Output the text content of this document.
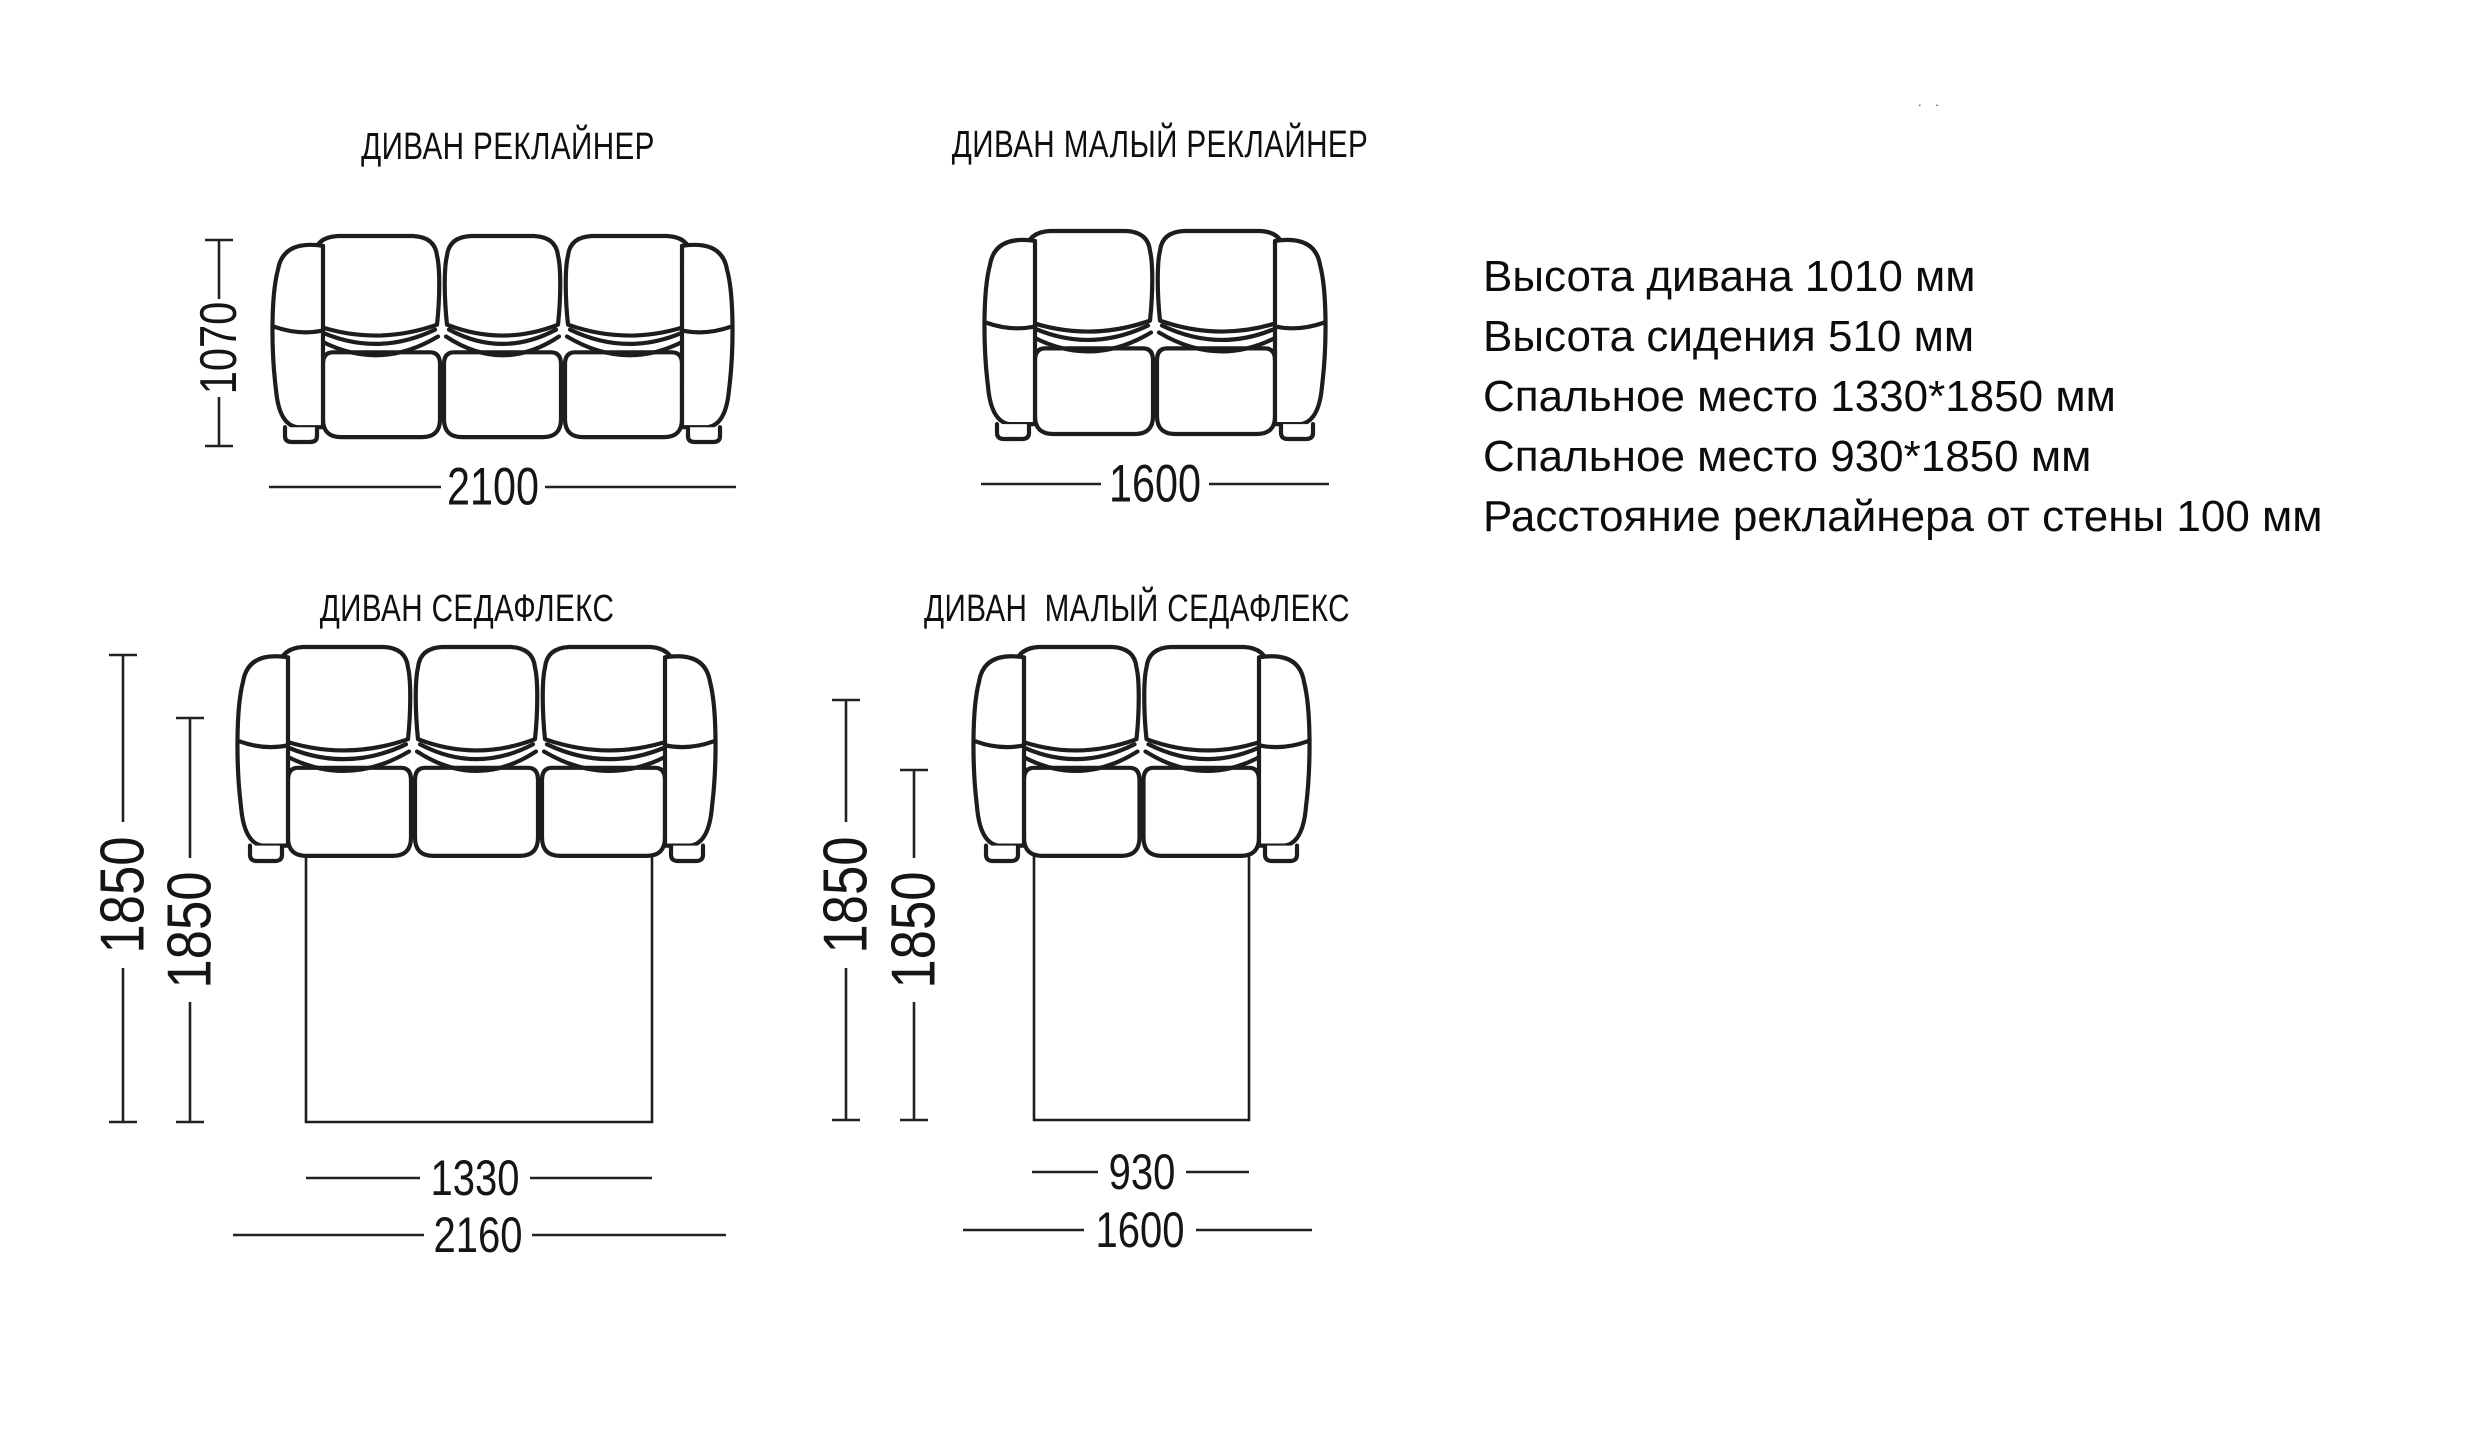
ДИВАН РЕКЛАЙНЕР	ДИВАН МАЛЫЙ РЕКЛАЙНЕР
ДИВАН СЕДАФЛЕКС	ДИВАН  МАЛЫЙ СЕДАФЛЕКС
1070
2100	1600
1850
1850
1330
2160
1850 1850
930
1600
Высота дивана 1010 мм
Высота сидения 510 мм
Спальное место 1330*1850 мм
Спальное место 930*1850 мм
Расстояние реклайнера от стены 100 мм
. .
